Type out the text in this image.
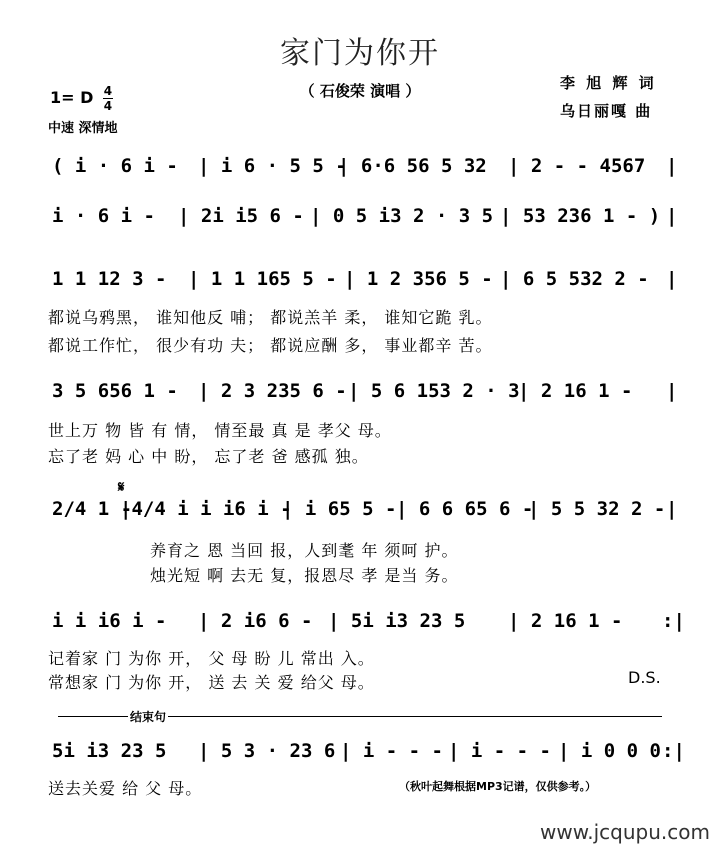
家门为你开
（ 石俊荣 演唱 ）
1= D $\frac{4}{4}$
中速 深情地
李 旭 辉 词
乌日丽嘎 曲
( i · 6 i - | i 6 · 5 5 -
| 6·6 56 5 32 | 2 - - 4567 |
i · 6 i - | 2i i5 6 - | 0 5 i3 2 · 3 5 | 53 236 1 - ) |
1 1 12 3 - | 1 1 165 5 - | 1 2 356 5 - | 6 5 532 2 - |
都说乌鸦黑， 谁知他反 哺； 都说羔羊 柔， 谁知它跪 乳。
都说工作忙， 很少有功 夫； 都说应酬 多， 事业都辛 苦。
3 5 656 1 - | 2 3 235 6 - | 5 6 153 2 · 3
| 2 16 1 - |
世上万 物 皆 有 情， 情至最 真 是 孝父 母。
忘了老 妈 心 中 盼， 忘了老 爸 感孤 独。
𝄋
2/4 1 -
|4/4 i i i6 i -
| i 65 5 - | 6 6 65 6 -
| 5 5 32 2 - |
养育之 恩 当回 报，人到耄 年 须呵 护。
烛光短 啊 去无 复，报恩尽 孝 是当 务。
i i i6 i - | 2 i6 6 - | 5i i3 23 5 | 2 16 1 - :|
记着家 门 为你 开， 父 母 盼 儿 常出 入。
常想家 门 为你 开， 送 去 关 爱 给父 母。	D.S.
结束句
5i i3 23 5 | 5 3 · 23 6 | i - - - | i - - - | i 0 0 0 :|
送去关爱 给 父 母。	（秋叶起舞根据MP3记谱，仅供参考。）
www.jcqupu.com
